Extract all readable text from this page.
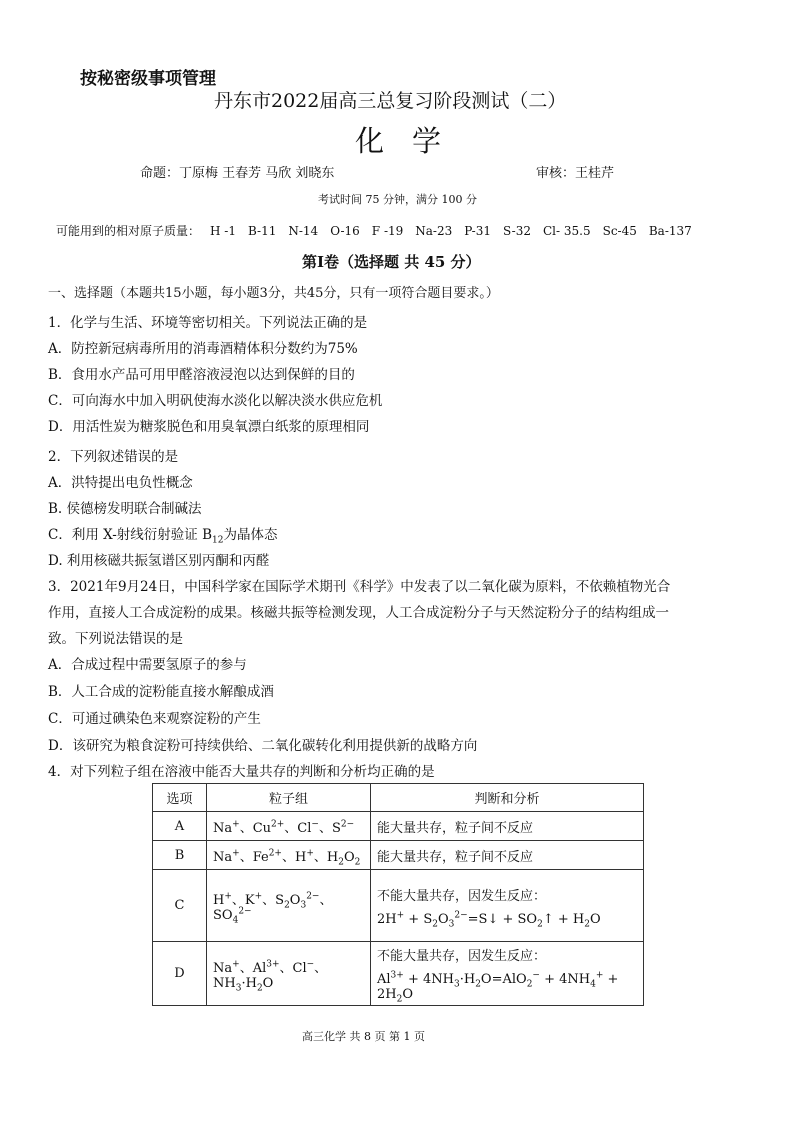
按秘密级事项管理
丹东市2022届高三总复习阶段测试（二）
化 学
命题：丁原梅 王春芳 马欣 刘晓东	审核：王桂芹
考试时间 75 分钟，满分 100 分
可能用到的相对原子质量： H -1 B-11 N-14 O-16 F -19 Na-23 P-31 S-32 Cl- 35.5 Sc-45 Ba-137
第Ⅰ卷（选择题 共 45 分）
一、选择题（本题共15小题，每小题3分，共45分，只有一项符合题目要求。）
1．化学与生活、环境等密切相关。下列说法正确的是
A．防控新冠病毒所用的消毒酒精体积分数约为75%
B．食用水产品可用甲醛溶液浸泡以达到保鲜的目的
C．可向海水中加入明矾使海水淡化以解决淡水供应危机
D．用活性炭为糖浆脱色和用臭氧漂白纸浆的原理相同
2．下列叙述错误的是
A．洪特提出电负性概念
B. 侯德榜发明联合制碱法
C．利用 X-射线衍射验证 $B_{12}$为晶体态
D. 利用核磁共振氢谱区别丙酮和丙醛
3．2021年9月24日，中国科学家在国际学术期刊《科学》中发表了以二氧化碳为原料，不依赖植物光合
作用，直接人工合成淀粉的成果。核磁共振等检测发现，人工合成淀粉分子与天然淀粉分子的结构组成一
致。下列说法错误的是
A．合成过程中需要氢原子的参与
B．人工合成的淀粉能直接水解酿成酒
C．可通过碘染色来观察淀粉的产生
D．该研究为粮食淀粉可持续供给、二氧化碳转化利用提供新的战略方向
4．对下列粒子组在溶液中能否大量共存的判断和分析均正确的是
选项	粒子组	判断和分析
A	Na+、$Cu^{2+}$、Cl−、$S^{2-}$	能大量共存，粒子间不反应
B	Na+、$Fe^{2+}$、H+、$H_2O_2$	能大量共存，粒子间不反应
C	H+、K+、$S_2O_3^{2-}$、$SO_4^{2-}$	不能大量共存，因发生反应：
$2H^+ + S_2O_3^{2-}=S↓$ + $SO_2↑ + H_2O$

D	Na+、$Al^{3+}$、Cl−、$NH_3\cdot H_2O$	不能大量共存，因发生反应：
$Al^{3+} + 4NH_3\cdot H_2O=AlO_2^- + 4NH_4^+ + 2H_2O$
高三化学 共 8 页 第 1 页
